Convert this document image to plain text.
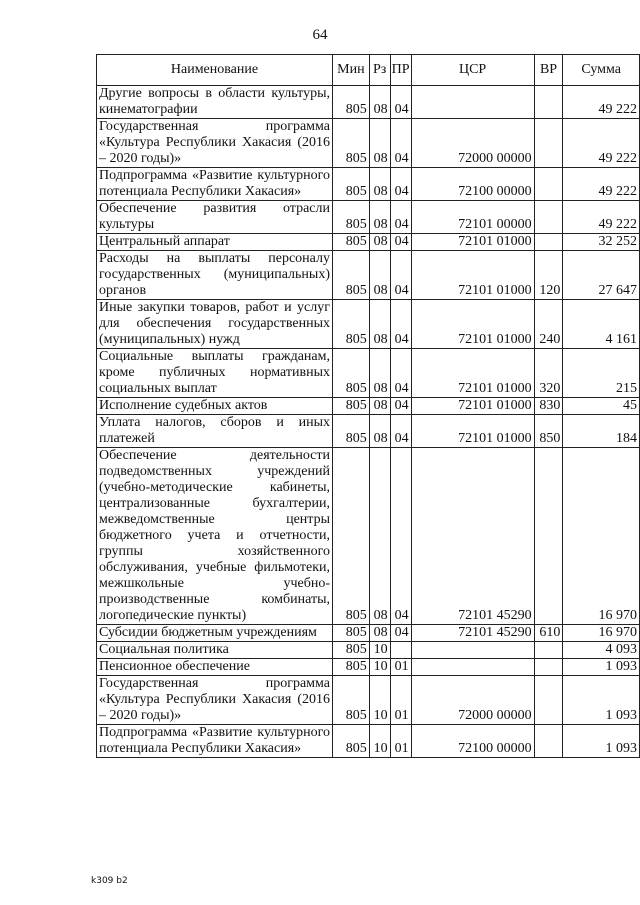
64
Наименование	Мин	Рз	ПР	ЦСР	ВР	Сумма
Другие вопросы в области культуры, кинематографии	805	08	04			49 222
Государственная программа «Культура Республики Хакасия (2016 – 2020 годы)»	805	08	04	72000 00000		49 222
Подпрограмма «Развитие культурного потенциала Республики Хакасия»	805	08	04	72100 00000		49 222
Обеспечение развития отрасли культуры	805	08	04	72101 00000		49 222
Центральный аппарат	805	08	04	72101 01000		32 252
Расходы на выплаты персоналу государственных (муниципальных) органов	805	08	04	72101 01000	120	27 647
Иные закупки товаров, работ и услуг для обеспечения государственных (муниципальных) нужд	805	08	04	72101 01000	240	4 161
Социальные выплаты гражданам, кроме публичных нормативных социальных выплат	805	08	04	72101 01000	320	215
Исполнение судебных актов	805	08	04	72101 01000	830	45
Уплата налогов, сборов и иных платежей	805	08	04	72101 01000	850	184
Обеспечение деятельности подведомственных учреждений (учебно-методические кабинеты, централизованные бухгалтерии, межведомственные центры бюджетного учета и отчетности, группы хозяйственного обслуживания, учебные фильмотеки, межшкольные учебно-производственные комбинаты, логопедические пункты)	805	08	04	72101 45290		16 970
Субсидии бюджетным учреждениям	805	08	04	72101 45290	610	16 970
Социальная политика	805	10				4 093
Пенсионное обеспечение	805	10	01			1 093
Государственная программа «Культура Республики Хакасия (2016 – 2020 годы)»	805	10	01	72000 00000		1 093
Подпрограмма «Развитие культурного потенциала Республики Хакасия»	805	10	01	72100 00000		1 093
k309 b2
